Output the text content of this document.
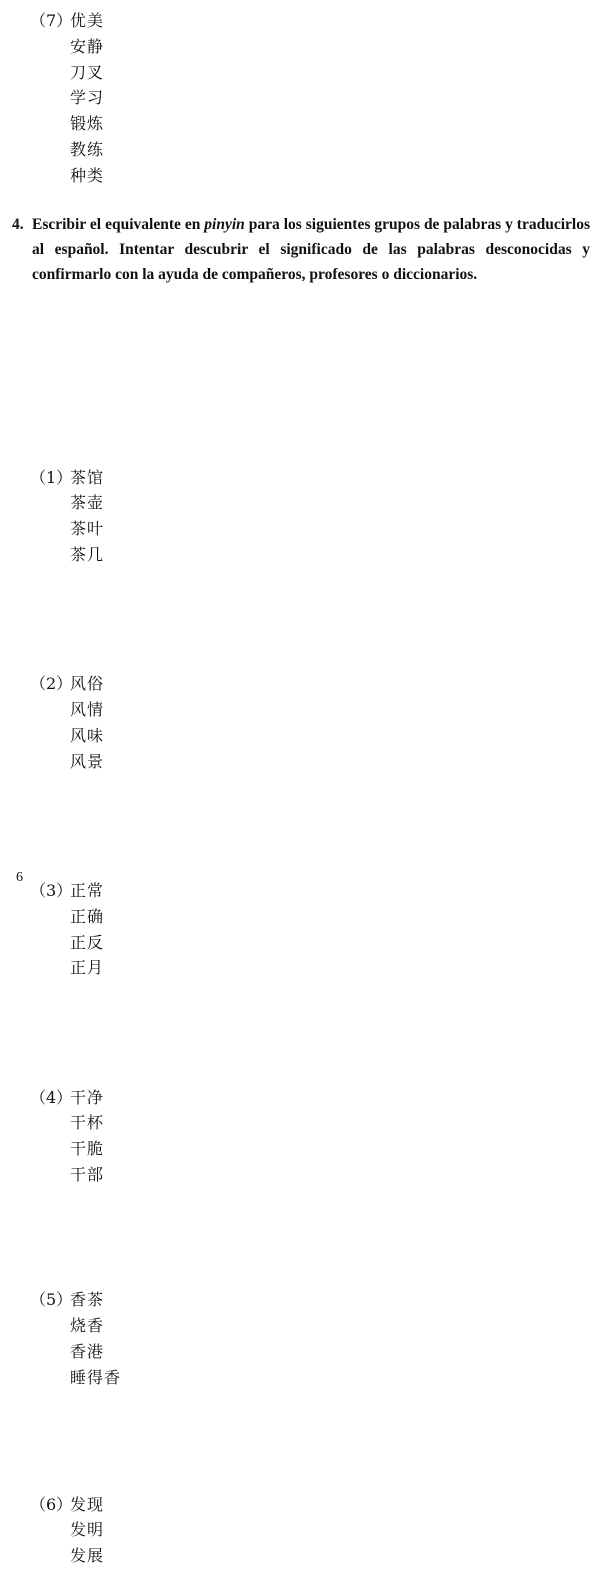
（7）
优美
安静
刀叉
学习
锻炼
教练
种类
4. Escribir el equivalente en pinyin para los siguientes grupos de palabras y traducirlos al español. Intentar descubrir el significado de las palabras desconocidas y confirmarlo con la ayuda de compañeros, profesores o diccionarios.
（1）
茶馆
茶壶
茶叶
茶几
（2）
风俗
风情
风味
风景
（3）
正常
正确
正反
正月
（4）
干净
干杯
干脆
干部
（5）
香茶
烧香
香港
睡得香
（6）
发现
发明
发展
6
